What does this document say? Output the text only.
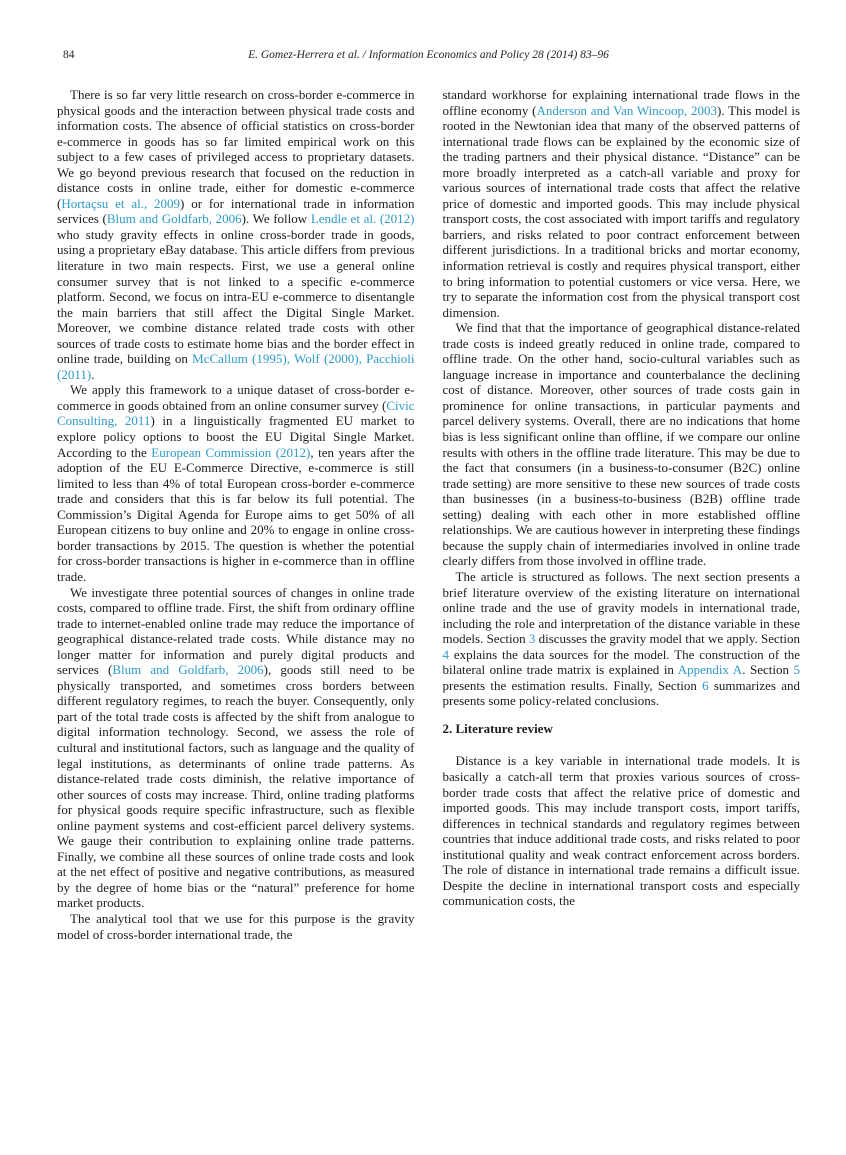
84	E. Gomez-Herrera et al. / Information Economics and Policy 28 (2014) 83–96

There is so far very little research on cross-border e-commerce in physical goods and the interaction between physical trade costs and information costs. The absence of official statistics on cross-border e-commerce in goods has so far limited empirical work on this subject to a few cases of privileged access to proprietary datasets. We go beyond previous research that focused on the reduction in distance costs in online trade, either for domestic e-commerce (Hortaçsu et al., 2009) or for international trade in information services (Blum and Goldfarb, 2006). We follow Lendle et al. (2012) who study gravity effects in online cross-border trade in goods, using a proprietary eBay database. This article differs from previous literature in two main respects. First, we use a general online consumer survey that is not linked to a specific e-commerce platform. Second, we focus on intra-EU e-commerce to disentangle the main barriers that still affect the Digital Single Market. Moreover, we combine distance related trade costs with other sources of trade costs to estimate home bias and the border effect in online trade, building on McCallum (1995), Wolf (2000), Pacchioli (2011).

We apply this framework to a unique dataset of cross-border e-commerce in goods obtained from an online consumer survey (Civic Consulting, 2011) in a linguistically fragmented EU market to explore policy options to boost the EU Digital Single Market. According to the European Commission (2012), ten years after the adoption of the EU E-Commerce Directive, e-commerce is still limited to less than 4% of total European cross-border e-commerce trade and considers that this is far below its full potential. The Commission’s Digital Agenda for Europe aims to get 50% of all European citizens to buy online and 20% to engage in online cross-border transactions by 2015. The question is whether the potential for cross-border transactions is higher in e-commerce than in offline trade.

We investigate three potential sources of changes in online trade costs, compared to offline trade. First, the shift from ordinary offline trade to internet-enabled online trade may reduce the importance of geographical distance-related trade costs. While distance may no longer matter for information and purely digital products and services (Blum and Goldfarb, 2006), goods still need to be physically transported, and sometimes cross borders between different regulatory regimes, to reach the buyer. Consequently, only part of the total trade costs is affected by the shift from analogue to digital information technology. Second, we assess the role of cultural and institutional factors, such as language and the quality of legal institutions, as determinants of online trade patterns. As distance-related trade costs diminish, the relative importance of other sources of costs may increase. Third, online trading platforms for physical goods require specific infrastructure, such as flexible online payment systems and cost-efficient parcel delivery systems. We gauge their contribution to explaining online trade patterns. Finally, we combine all these sources of online trade costs and look at the net effect of positive and negative contributions, as measured by the degree of home bias or the “natural” preference for home market products.

The analytical tool that we use for this purpose is the gravity model of cross-border international trade, the

standard workhorse for explaining international trade flows in the offline economy (Anderson and Van Wincoop, 2003). This model is rooted in the Newtonian idea that many of the observed patterns of international trade flows can be explained by the economic size of the trading partners and their physical distance. “Distance” can be more broadly interpreted as a catch-all variable and proxy for various sources of international trade costs that affect the relative price of domestic and imported goods. This may include physical transport costs, the cost associated with import tariffs and regulatory barriers, and risks related to poor contract enforcement between different jurisdictions. In a traditional bricks and mortar economy, information retrieval is costly and requires physical transport, either to bring information to potential customers or vice versa. Here, we try to separate the information cost from the physical transport cost dimension.

We find that that the importance of geographical distance-related trade costs is indeed greatly reduced in online trade, compared to offline trade. On the other hand, socio-cultural variables such as language increase in importance and counterbalance the declining cost of distance. Moreover, other sources of trade costs gain in prominence for online transactions, in particular payments and parcel delivery systems. Overall, there are no indications that home bias is less significant online than offline, if we compare our online results with others in the offline trade literature. This may be due to the fact that consumers (in a business-to-consumer (B2C) online trade setting) are more sensitive to these new sources of trade costs than businesses (in a business-to-business (B2B) offline trade setting) dealing with each other in more established offline relationships. We are cautious however in interpreting these findings because the supply chain of intermediaries involved in online trade clearly differs from those involved in offline trade.

The article is structured as follows. The next section presents a brief literature overview of the existing literature on international online trade and the use of gravity models in international trade, including the role and interpretation of the distance variable in these models. Section 3 discusses the gravity model that we apply. Section 4 explains the data sources for the model. The construction of the bilateral online trade matrix is explained in Appendix A. Section 5 presents the estimation results. Finally, Section 6 summarizes and presents some policy-related conclusions.

2. Literature review

Distance is a key variable in international trade models. It is basically a catch-all term that proxies various sources of cross-border trade costs that affect the relative price of domestic and imported goods. This may include transport costs, import tariffs, differences in technical standards and regulatory regimes between countries that induce additional trade costs, and risks related to poor institutional quality and weak contract enforcement across borders. The role of distance in international trade remains a difficult issue. Despite the decline in international transport costs and especially communication costs, the
